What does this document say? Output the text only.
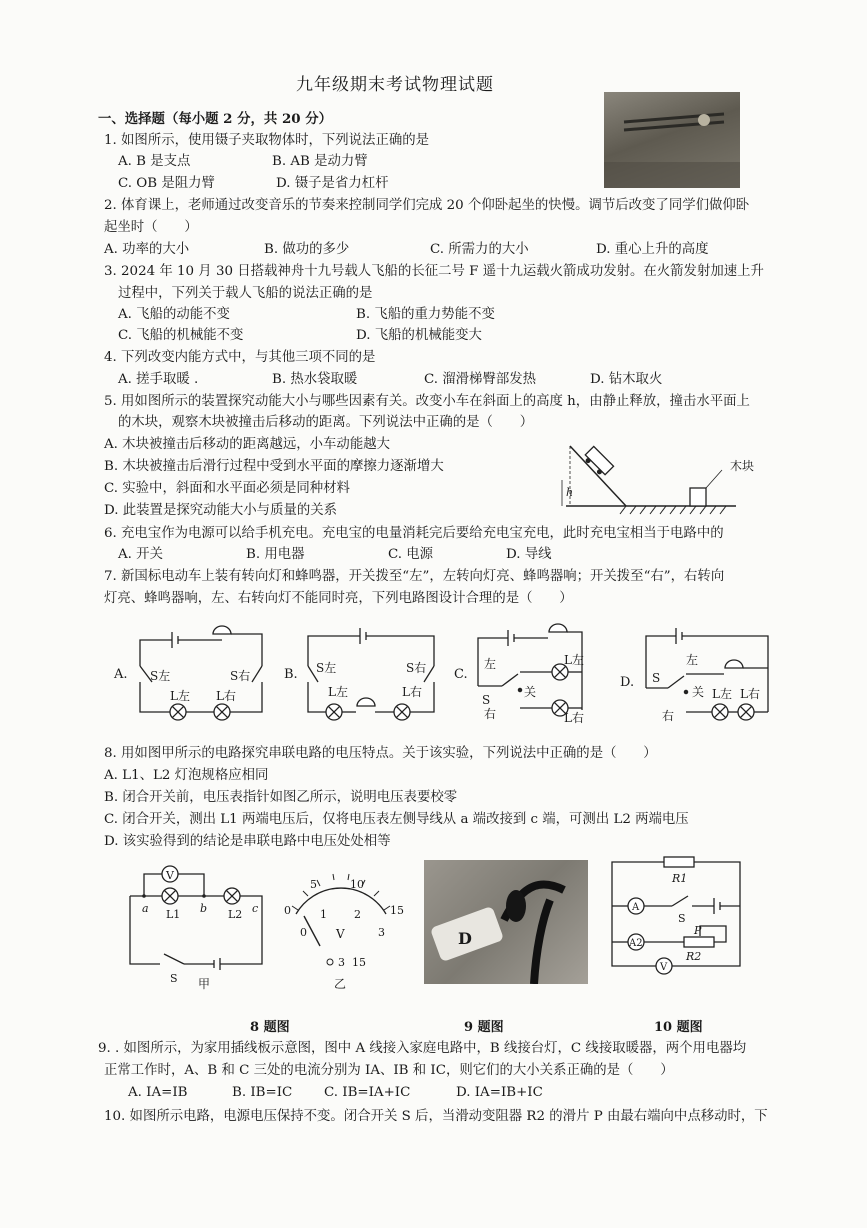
九年级期末考试物理试题
一、选择题（每小题 2 分，共 20 分）
1. 如图所示，使用镊子夹取物体时，下列说法正确的是
A. B 是支点	B. AB 是动力臂
C. OB 是阻力臂	D. 镊子是省力杠杆
2. 体育课上，老师通过改变音乐的节奏来控制同学们完成 20 个仰卧起坐的快慢。调节后改变了同学们做仰卧
起坐时（　　）
A. 功率的大小	B. 做功的多少	C. 所需力的大小	D. 重心上升的高度
3. 2024 年 10 月 30 日搭载神舟十九号载人飞船的长征二号 F 遥十九运载火箭成功发射。在火箭发射加速上升
过程中，下列关于载人飞船的说法正确的是
A. 飞船的动能不变	B. 飞船的重力势能不变
C. 飞船的机械能不变	D. 飞船的机械能变大
4. 下列改变内能方式中，与其他三项不同的是
A. 搓手取暖 .	B. 热水袋取暖	C. 溜滑梯臀部发热	D. 钻木取火
5. 用如图所示的装置探究动能大小与哪些因素有关。改变小车在斜面上的高度 h，由静止释放，撞击水平面上
的木块，观察木块被撞击后移动的距离。下列说法中正确的是（　　）
A. 木块被撞击后移动的距离越远，小车动能越大
B. 木块被撞击后滑行过程中受到水平面的摩擦力逐渐增大
C. 实验中，斜面和水平面必须是同种材料
D. 此装置是探究动能大小与质量的关系
h
木块
6. 充电宝作为电源可以给手机充电。充电宝的电量消耗完后要给充电宝充电，此时充电宝相当于电路中的
A. 开关	B. 用电器	C. 电源	D. 导线
7. 新国标电动车上装有转向灯和蜂鸣器，开关拨至“左”，左转向灯亮、蜂鸣器响；开关拨至“右”，右转向
灯亮、蜂鸣器响，左、右转向灯不能同时亮，下列电路图设计合理的是（　　）
A. S左	S右
L左 L右
B. S左	S右
L左	L右
C.
左
S
关
右
L左
L右
D.
左
S
关
右
L左 L右
8. 用如图甲所示的电路探究串联电路的电压特点。关于该实验，下列说法中正确的是（　　）
A. L1、L2 灯泡规格应相同
B. 闭合开关前，电压表指针如图乙所示，说明电压表要校零
C. 闭合开关，测出 L1 两端电压后，仅将电压表左侧导线从 a 端改接到 c 端，可测出 L2 两端电压
D. 该实验得到的结论是串联电路中电压处处相等
V
a	b	c
L1	L2
S 甲
0
5	10
15
0
1 2
3
V
3 15
乙
D
A
A2
V
R1
S
P
R2
8 题图	9 题图	10 题图
9. . 如图所示，为家用插线板示意图，图中 A 线接入家庭电路中，B 线接台灯，C 线接取暖器，两个用电器均
正常工作时，A、B 和 C 三处的电流分别为 IA、IB 和 IC，则它们的大小关系正确的是（　　）
A. IA=IB	B. IB=IC C. IB=IA+IC	D. IA=IB+IC
10. 如图所示电路，电源电压保持不变。闭合开关 S 后，当滑动变阻器 R2 的滑片 P 由最右端向中点移动时，下
